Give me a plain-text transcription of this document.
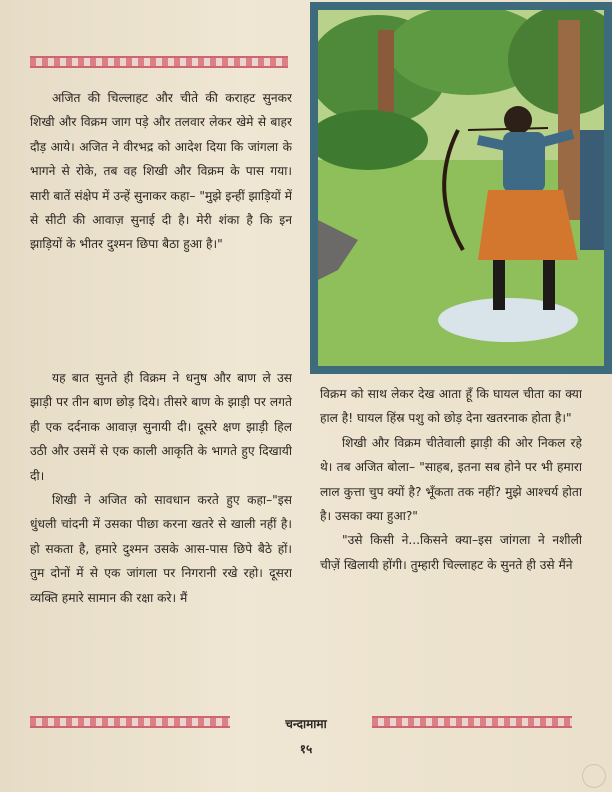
अजित की चिल्लाहट और चीते की कराहट सुनकर शिखी और विक्रम जाग पड़े और तलवार लेकर खेमे से बाहर दौड़ आये। अजित ने वीरभद्र को आदेश दिया कि जांगला के भागने से रोके, तब वह शिखी और विक्रम के पास गया। सारी बातें संक्षेप में उन्हें सुनाकर कहा– "मुझे इन्हीं झाड़ियों में से सीटी की आवाज़ सुनाई दी है। मेरी शंका है कि इन झाड़ियों के भीतर दुश्मन छिपा बैठा हुआ है।"

यह बात सुनते ही विक्रम ने धनुष और बाण ले उस झाड़ी पर तीन बाण छोड़ दिये। तीसरे बाण के झाड़ी पर लगते ही एक दर्दनाक आवाज़ सुनायी दी। दूसरे क्षण झाड़ी हिल उठी और उसमें से एक काली आकृति के भागते हुए दिखायी दी।

शिखी ने अजित को सावधान करते हुए कहा–"इस धुंधली चांदनी में उसका पीछा करना खतरे से खाली नहीं है। हो सकता है, हमारे दुश्मन उसके आस-पास छिपे बैठे हों। तुम दोनों में से एक जांगला पर निगरानी रखे रहो। दूसरा व्यक्ति हमारे सामान की रक्षा करे। मैं

विक्रम को साथ लेकर देख आता हूँ कि घायल चीता का क्या हाल है! घायल हिंस्र पशु को छोड़ देना खतरनाक होता है।"

शिखी और विक्रम चीतेवाली झाड़ी की ओर निकल रहे थे। तब अजित बोला– "साहब, इतना सब होने पर भी हमारा लाल कुत्ता चुप क्यों है? भूँकता तक नहीं? मुझे आश्चर्य होता है। उसका क्या हुआ?"

"उसे किसी ने...किसने क्या–इस जांगला ने नशीली चीज़ें खिलायी होंगी। तुम्हारी चिल्लाहट के सुनते ही उसे मैंने

चन्दामामा
१५
